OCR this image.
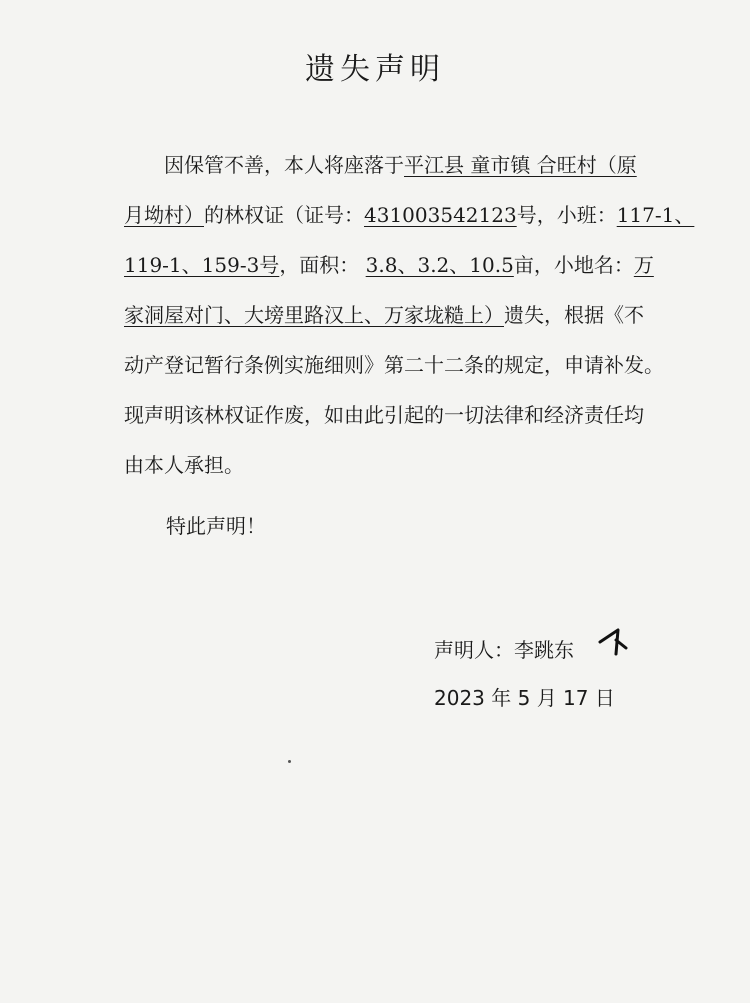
遗失声明
　　因保管不善，本人将座落于平江县 童市镇 合旺村（原
月坳村）的林权证（证号：431003542123号，小班：117-1、
119-1、159-3号，面积： 3.8、3.2、10.5亩，小地名：万
家洞屋对门、大塝里路汉上、万家垅糙上）遗失，根据《不
动产登记暂行条例实施细则》第二十二条的规定，申请补发。
现声明该林权证作废，如由此引起的一切法律和经济责任均
由本人承担。
特此声明！
声明人：李跳东
2023 年 5 月 17 日
